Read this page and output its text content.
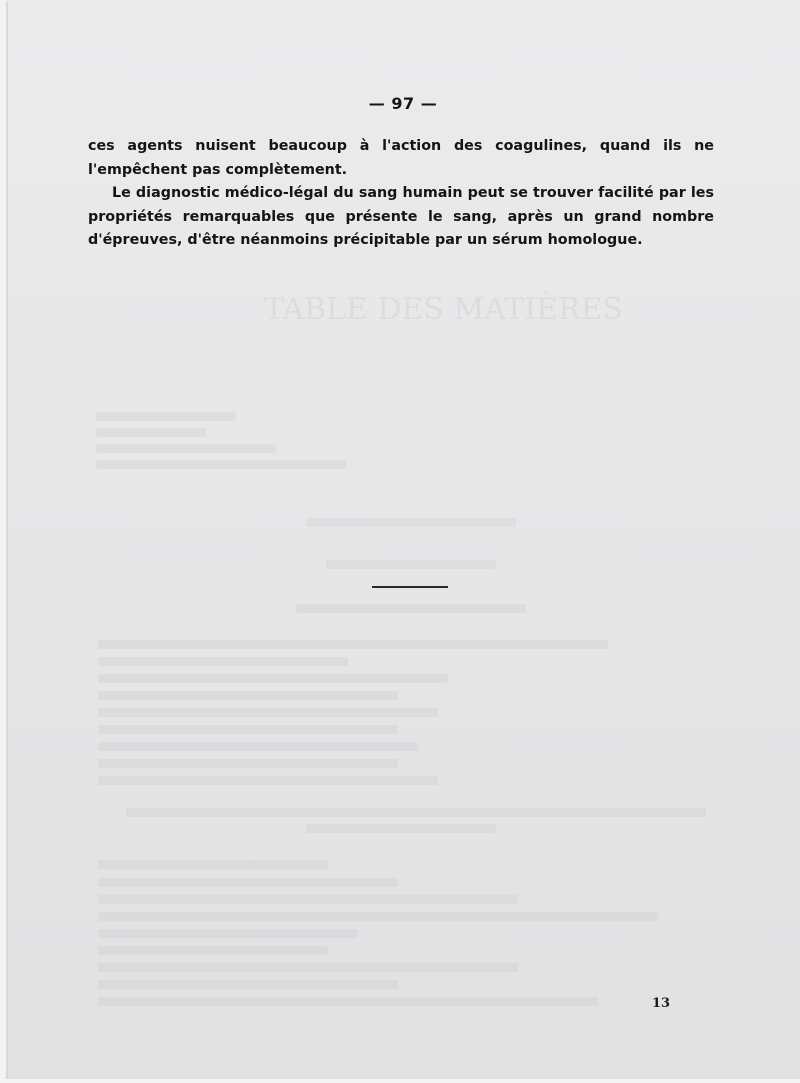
TABLE DES MATIÈRES
— 97 —

ces agents nuisent beaucoup à l'action des coagulines, quand ils ne l'empêchent pas complètement.

Le diagnostic médico-légal du sang humain peut se trouver facilité par les propriétés remarquables que présente le sang, après un grand nombre d'épreuves, d'être néanmoins précipitable par un sérum homologue.

13
